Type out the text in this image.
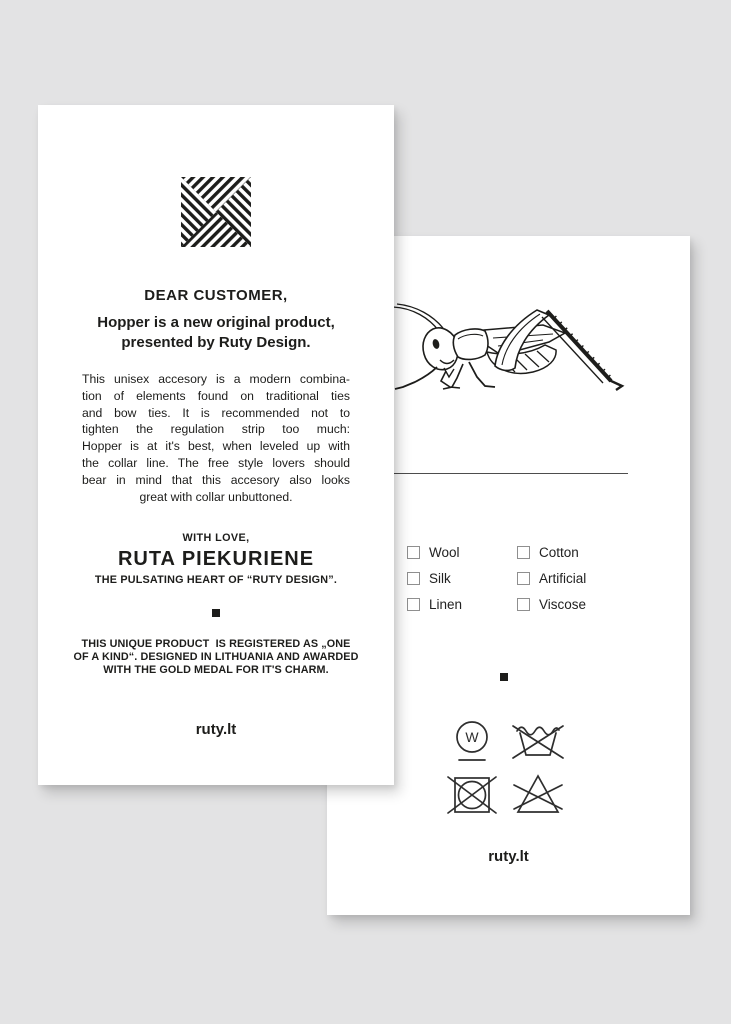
Wool
Silk
Linen
Cotton
Artificial
Viscose
W
ruty.lt
DEAR CUSTOMER,
Hopper is a new original product,
presented by Ruty Design.
This unisex accesory is a modern combina-
tion of elements found on traditional ties
and bow ties. It is recommended not to
tighten the regulation strip too much:
Hopper is at it's best, when leveled up with
the collar line. The free style lovers should
bear in mind that this accesory also looks
great with collar unbuttoned.
WITH LOVE,
RUTA PIEKURIENE
THE PULSATING HEART OF “RUTY DESIGN”.
THIS UNIQUE PRODUCT  IS REGISTERED AS „ONE
OF A KIND“. DESIGNED IN LITHUANIA AND AWARDED
WITH THE GOLD MEDAL FOR IT'S CHARM.
ruty.lt
